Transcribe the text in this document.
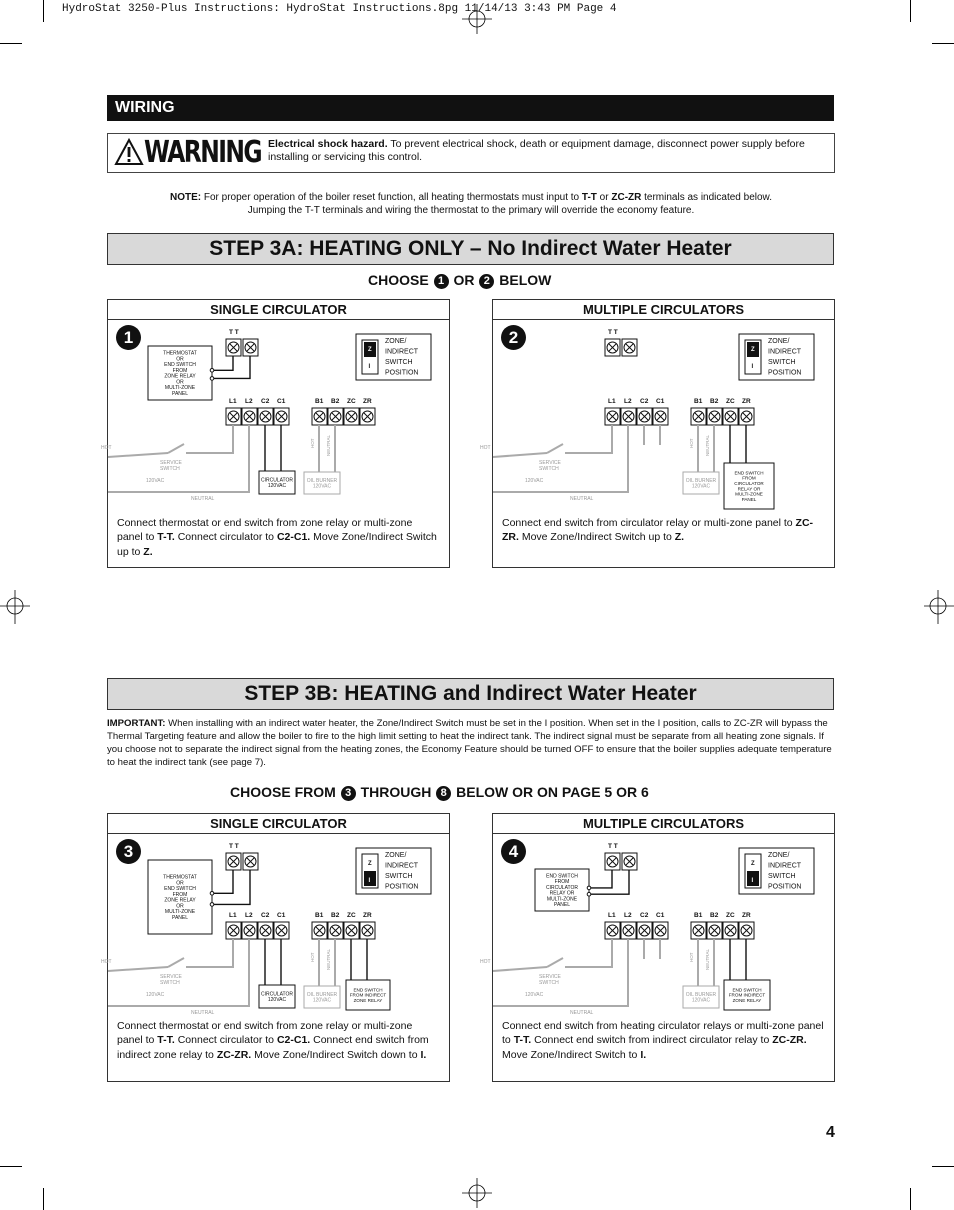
HydroStat 3250-Plus Instructions: HydroStat Instructions.8pg 11/14/13 3:43 PM Page 4
WIRING
WARNING Electrical shock hazard. To prevent electrical shock, death or equipment damage, disconnect power supply before installing or servicing this control.
NOTE: For proper operation of the boiler reset function, all heating thermostats must input to T-T or ZC-ZR terminals as indicated below.
Jumping the T-T terminals and wiring the thermostat to the primary will override the economy feature.
STEP 3A: HEATING ONLY – No Indirect Water Heater
CHOOSE 1 OR 2 BELOW
STEP 3B: HEATING and Indirect Water Heater
IMPORTANT: When installing with an indirect water heater, the Zone/Indirect Switch must be set in the I position. When set in the I position, calls to ZC-ZR will bypass the Thermal Targeting feature and allow the boiler to fire to the high limit setting to heat the indirect tank. The indirect signal must be separate from all heating zone signals. If you choose not to separate the indirect signal from the heating zones, the Economy Feature should be turned OFF to ensure that the boiler supplies adequate temperature to heat the indirect tank (see page 7).
CHOOSE FROM 3 THROUGH 8 BELOW OR ON PAGE 5 OR 6
SINGLE CIRCULATOR
1	T T
Z
I
ZONE/
INDIRECT
SWITCH
POSITION
L1 L2 C2 C1	B1 B2 ZC ZR
HOT
SERVICE
SWITCH
120VAC
NEUTRAL
OIL BURNER
120VAC
HOT NEUTRAL
THERMOSTAT
OR
END SWITCH
FROM
ZONE RELAY
OR
MULTI-ZONE
PANEL
CIRCULATOR
120VAC
Connect thermostat or end switch from zone relay or multi-zone panel to T-T. Connect circulator to C2-C1. Move Zone/Indirect Switch up to Z.
MULTIPLE CIRCULATORS
2	T T
Z
I
ZONE/
INDIRECT
SWITCH
POSITION
L1 L2 C2 C1	B1 B2 ZC ZR
HOT
SERVICE
SWITCH
120VAC
NEUTRAL
OIL BURNER
120VAC
HOT NEUTRAL
END SWITCH
FROM
CIRCULATOR
RELAY OR
MULTI-ZONE
PANEL
Connect end switch from circulator relay or multi-zone panel to ZC-ZR. Move Zone/Indirect Switch up to Z.
SINGLE CIRCULATOR
3	T T
Z
I
ZONE/
INDIRECT
SWITCH
POSITION
L1 L2 C2 C1	B1 B2 ZC ZR
HOT
SERVICE
SWITCH
120VAC
NEUTRAL
OIL BURNER
120VAC
HOT NEUTRAL
THERMOSTAT
OR
END SWITCH
FROM
ZONE RELAY
OR
MULTI-ZONE
PANEL
CIRCULATOR
120VAC
END SWITCH
FROM INDIRECT
ZONE RELAY
Connect thermostat or end switch from zone relay or multi-zone panel to T-T. Connect circulator to C2-C1. Connect end switch from indirect zone relay to ZC-ZR. Move Zone/Indirect Switch down to I.
MULTIPLE CIRCULATORS
4	T T
Z
I
ZONE/
INDIRECT
SWITCH
POSITION
L1 L2 C2 C1	B1 B2 ZC ZR
HOT
SERVICE
SWITCH
120VAC
NEUTRAL
OIL BURNER
120VAC
HOT NEUTRAL
END SWITCH
FROM
CIRCULATOR
RELAY OR
MULTI-ZONE
PANEL
END SWITCH
FROM INDIRECT
ZONE RELAY
Connect end switch from heating circulator relays or multi-zone panel to T-T. Connect end switch from indirect circulator relay to ZC-ZR. Move Zone/Indirect Switch to I.
4
